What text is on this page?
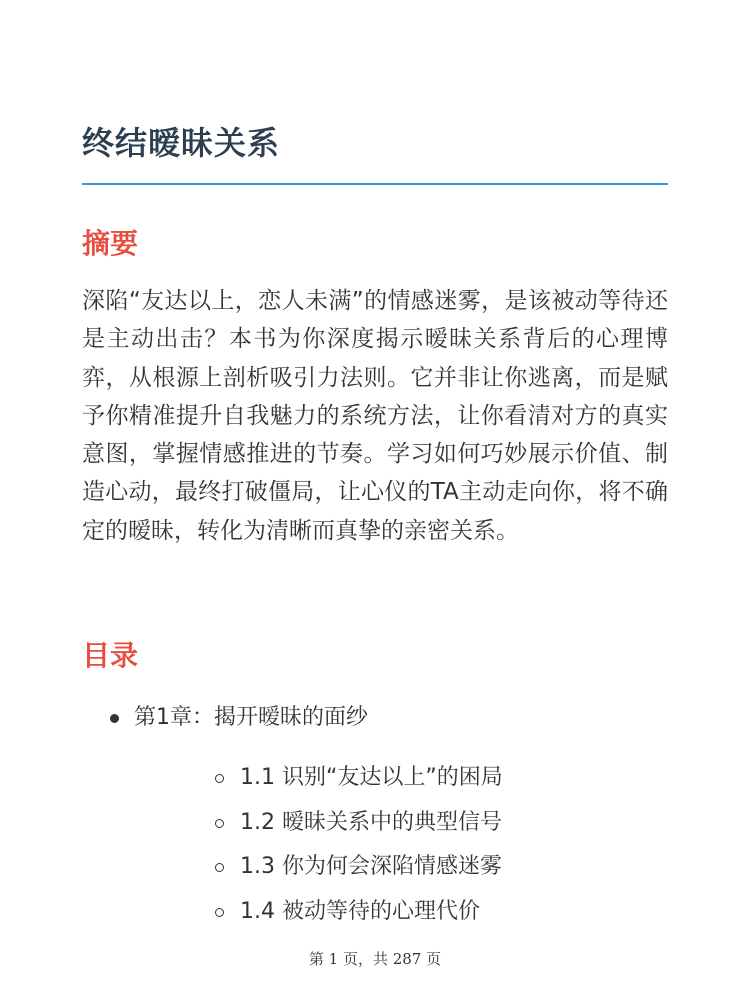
终结暧昧关系
摘要

深陷“友达以上，恋人未满”的情感迷雾，是该被动等待还是主动出击？本书为你深度揭示暧昧关系背后的心理博弈，从根源上剖析吸引力法则。它并非让你逃离，而是赋予你精准提升自我魅力的系统方法，让你看清对方的真实意图，掌握情感推进的节奏。学习如何巧妙展示价值、制造心动，最终打破僵局，让心仪的TA主动走向你，将不确定的暧昧，转化为清晰而真挚的亲密关系。

目录
第1章：揭开暧昧的面纱
1.1 识别“友达以上”的困局
1.2 暧昧关系中的典型信号
1.3 你为何会深陷情感迷雾
1.4 被动等待的心理代价
第 1 页，共 287 页
